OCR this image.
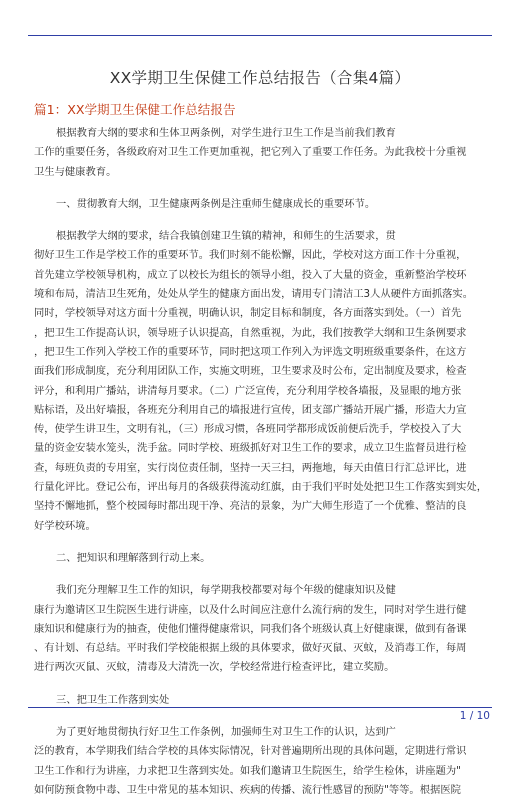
XX学期卫生保健工作总结报告（合集4篇）
篇1：XX学期卫生保健工作总结报告

根据教育大纲的要求和生体卫两条例，对学生进行卫生工作是当前我们教育

工作的重要任务，各级政府对卫生工作更加重视，把它列入了重要工作任务。为此我校十分重视

卫生与健康教育。

一、贯彻教育大纲，卫生健康两条例是注重师生健康成长的重要环节。

根据教学大纲的要求，结合我镇创建卫生镇的精神，和师生的生活要求，贯

彻好卫生工作是学校工作的重要环节。我们时刻不能松懈，因此，学校对这方面工作十分重视，

首先建立学校领导机构，成立了以校长为组长的领导小组，投入了大量的资金，重新整治学校环

境和布局，清洁卫生死角，处处从学生的健康方面出发，请用专门清洁工3人从硬件方面抓落实。

同时，学校领导对这方面十分重视，明确认识，制定目标和制度，各方面落实到处。（一）首先

，把卫生工作提高认识，领导班子认识提高，自然重视，为此，我们按教学大纲和卫生条例要求

，把卫生工作列入学校工作的重要环节，同时把这项工作列入为评选文明班级重要条件，在这方

面我们形成制度，充分利用团队工作，实施文明班，卫生要求及时公布，定出制度及要求，检查

评分，和利用广播站，讲清每月要求。（二）广泛宣传，充分利用学校各墙报，及显眼的地方张

贴标语，及出好墙报，各班充分利用自己的墙报进行宣传，团支部广播站开展广播，形造大力宣

传，使学生讲卫生，文明有礼，（三）形成习惯，各班同学都形成饭前便后洗手，学校投入了大

量的资金安装水笼头，洗手盆。同时学校、班级抓好对卫生工作的要求，成立卫生监督员进行检

查，每班负责的专用室，实行岗位责任制，坚持一天三扫，两拖地，每天由值日行汇总评比，进

行量化评比。登记公布，评出每月的各级获得流动红旗，由于我们平时处处把卫生工作落实到实处，

坚持不懈地抓，整个校园每时都出现干净、亮洁的景象，为广大师生形造了一个优雅、整洁的良

好学校环境。

二、把知识和理解落到行动上来。

我们充分理解卫生工作的知识，每学期我校都要对每个年级的健康知识及健

康行为邀请区卫生院医生进行讲座，以及什么时间应注意什么流行病的发生，同时对学生进行健

康知识和健康行为的抽查，使他们懂得健康常识，同我们各个班级认真上好健康课，做到有备课

、有计划、有总结。平时我们学校能根据上级的具体要求，做好灭鼠、灭蚊，及消毒工作，每周

进行两次灭鼠、灭蚊，清毒及大清洗一次，学校经常进行检查评比，建立奖励。

三、把卫生工作落到实处

为了更好地贯彻执行好卫生工作条例，加强师生对卫生工作的认识，达到广

泛的教育，本学期我们结合学校的具体实际情况，针对普遍期所出现的具体问题，定期进行常识

卫生工作和行为讲座，力求把卫生落到实处。如我们邀请卫生院医生，给学生检体，讲座题为"

如何防预食物中毒、卫生中常见的基本知识、疾病的传播、流行性感冒的预防"等等。根据医院

1 / 10
